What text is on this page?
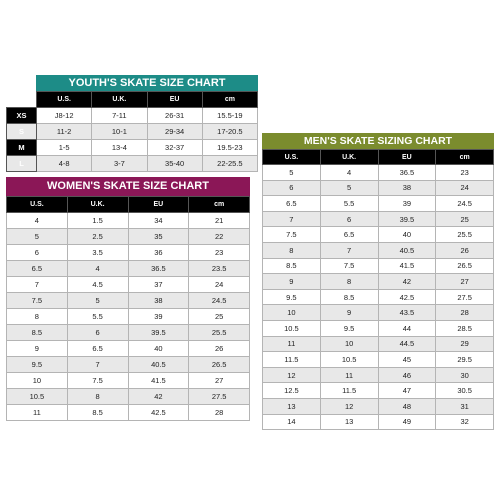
YOUTH'S SKATE SIZE CHART
	U.S.	U.K.	EU	cm
XS	J8-12	7-11	26-31	15.5-19
S	11-2	10-1	29-34	17-20.5
M	1-5	13-4	32-37	19.5-23
L	4-8	3-7	35-40	22-25.5
WOMEN'S SKATE SIZE CHART
U.S.	U.K.	EU	cm
4	1.5	34	21
5	2.5	35	22
6	3.5	36	23
6.5	4	36.5	23.5
7	4.5	37	24
7.5	5	38	24.5
8	5.5	39	25
8.5	6	39.5	25.5
9	6.5	40	26
9.5	7	40.5	26.5
10	7.5	41.5	27
10.5	8	42	27.5
11	8.5	42.5	28
MEN'S SKATE SIZING CHART
U.S.	U.K.	EU	cm
5	4	36.5	23
6	5	38	24
6.5	5.5	39	24.5
7	6	39.5	25
7.5	6.5	40	25.5
8	7	40.5	26
8.5	7.5	41.5	26.5
9	8	42	27
9.5	8.5	42.5	27.5
10	9	43.5	28
10.5	9.5	44	28.5
11	10	44.5	29
11.5	10.5	45	29.5
12	11	46	30
12.5	11.5	47	30.5
13	12	48	31
14	13	49	32
